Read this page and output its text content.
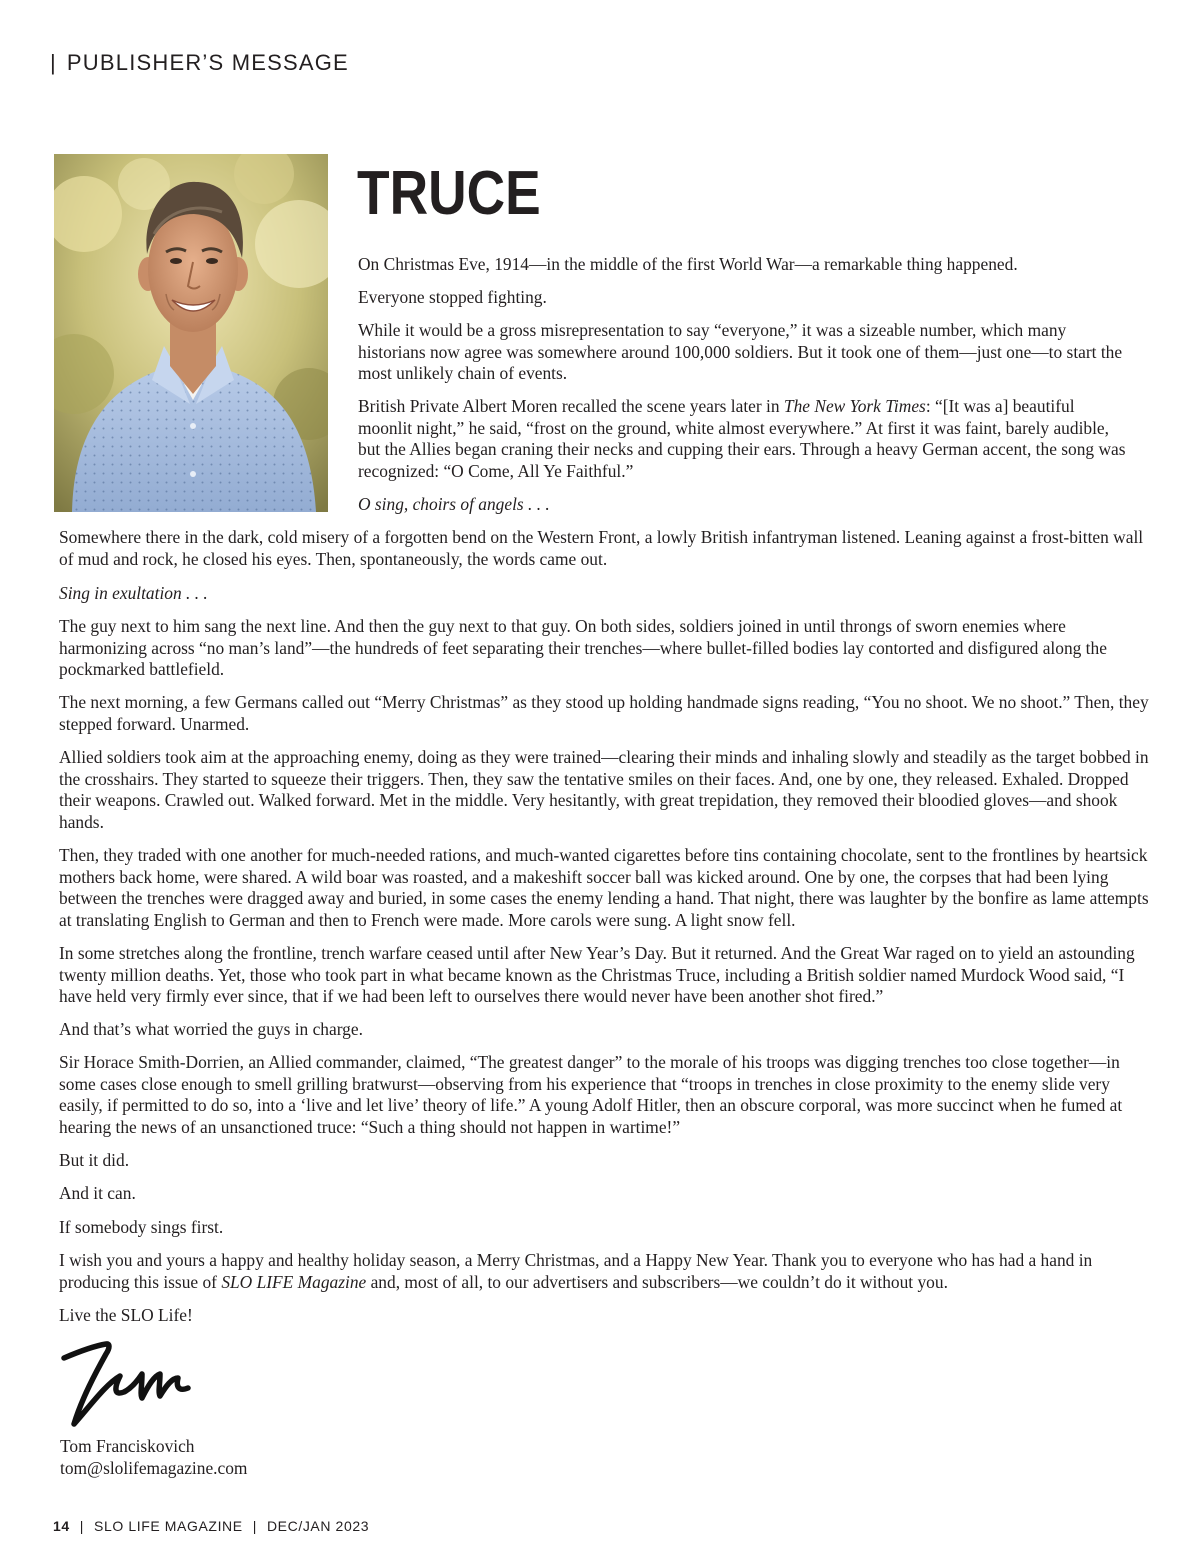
| PUBLISHER’S MESSAGE
TRUCE

On Christmas Eve, 1914—in the middle of the first World War—a remarkable thing happened.

Everyone stopped fighting.

While it would be a gross misrepresentation to say “everyone,” it was a sizeable number, which many historians now agree was somewhere around 100,000 soldiers. But it took one of them—just one—to start the most unlikely chain of events.

British Private Albert Moren recalled the scene years later in The New York Times: “[It was a] beautiful moonlit night,” he said, “frost on the ground, white almost everywhere.” At first it was faint, barely audible, but the Allies began craning their necks and cupping their ears. Through a heavy German accent, the song was recognized: “O Come, All Ye Faithful.”

O sing, choirs of angels . . .

Somewhere there in the dark, cold misery of a forgotten bend on the Western Front, a lowly British infantryman listened. Leaning against a frost-bitten wall of mud and rock, he closed his eyes. Then, spontaneously, the words came out.

Sing in exultation . . .

The guy next to him sang the next line. And then the guy next to that guy. On both sides, soldiers joined in until throngs of sworn enemies where harmonizing across “no man’s land”—the hundreds of feet separating their trenches—where bullet-filled bodies lay contorted and disfigured along the pockmarked battlefield.

The next morning, a few Germans called out “Merry Christmas” as they stood up holding handmade signs reading, “You no shoot. We no shoot.” Then, they stepped forward. Unarmed.

Allied soldiers took aim at the approaching enemy, doing as they were trained—clearing their minds and inhaling slowly and steadily as the target bobbed in the crosshairs. They started to squeeze their triggers. Then, they saw the tentative smiles on their faces. And, one by one, they released. Exhaled. Dropped their weapons. Crawled out. Walked forward. Met in the middle. Very hesitantly, with great trepidation, they removed their bloodied gloves—and shook hands.

Then, they traded with one another for much-needed rations, and much-wanted cigarettes before tins containing chocolate, sent to the frontlines by heartsick mothers back home, were shared. A wild boar was roasted, and a makeshift soccer ball was kicked around. One by one, the corpses that had been lying between the trenches were dragged away and buried, in some cases the enemy lending a hand. That night, there was laughter by the bonfire as lame attempts at translating English to German and then to French were made. More carols were sung. A light snow fell.

In some stretches along the frontline, trench warfare ceased until after New Year’s Day. But it returned. And the Great War raged on to yield an astounding twenty million deaths. Yet, those who took part in what became known as the Christmas Truce, including a British soldier named Murdock Wood said, “I have held very firmly ever since, that if we had been left to ourselves there would never have been another shot fired.”

And that’s what worried the guys in charge.

Sir Horace Smith-Dorrien, an Allied commander, claimed, “The greatest danger” to the morale of his troops was digging trenches too close together—in some cases close enough to smell grilling bratwurst—observing from his experience that “troops in trenches in close proximity to the enemy slide very easily, if permitted to do so, into a ‘live and let live’ theory of life.” A young Adolf Hitler, then an obscure corporal, was more succinct when he fumed at hearing the news of an unsanctioned truce: “Such a thing should not happen in wartime!”

But it did.

And it can.

If somebody sings first.

I wish you and yours a happy and healthy holiday season, a Merry Christmas, and a Happy New Year. Thank you to everyone who has had a hand in producing this issue of SLO LIFE Magazine and, most of all, to our advertisers and subscribers—we couldn’t do it without you.

Live the SLO Life!

Tom Franciskovich
tom@slolifemagazine.com
14 | SLO LIFE MAGAZINE | DEC/JAN 2023
